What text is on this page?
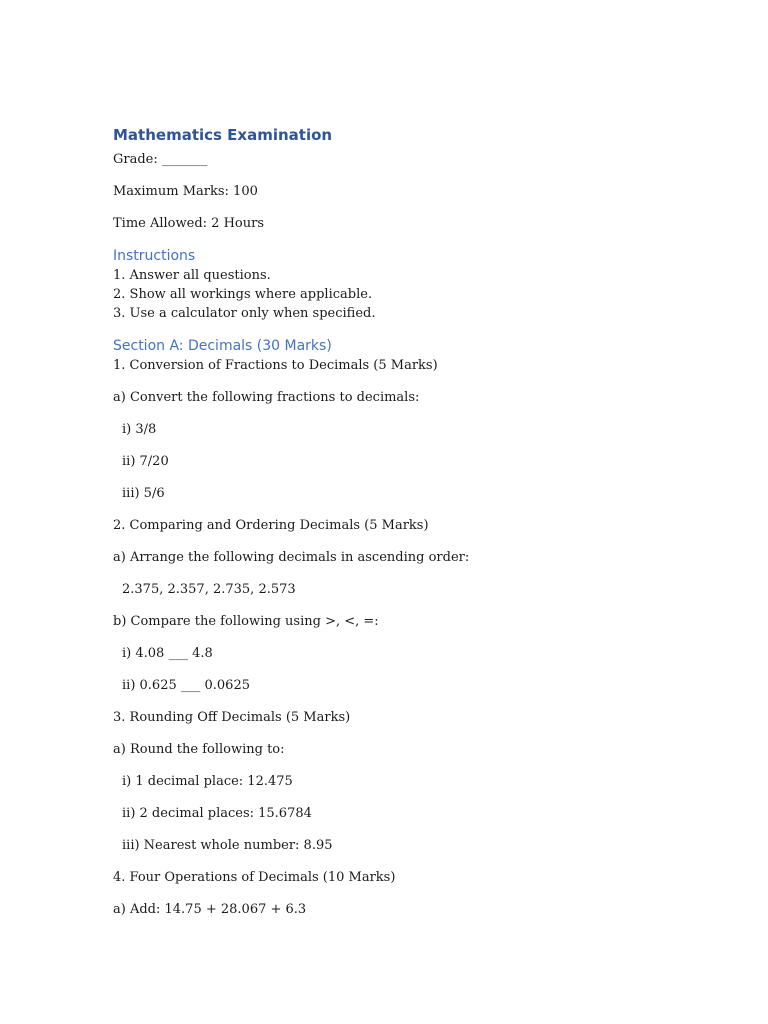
Mathematics Examination
Grade: _______
Maximum Marks: 100
Time Allowed: 2 Hours
Instructions
1. Answer all questions.
2. Show all workings where applicable.
3. Use a calculator only when specified.
Section A: Decimals (30 Marks)
1. Conversion of Fractions to Decimals (5 Marks)
a) Convert the following fractions to decimals:
i) 3/8
ii) 7/20
iii) 5/6
2. Comparing and Ordering Decimals (5 Marks)
a) Arrange the following decimals in ascending order:
2.375, 2.357, 2.735, 2.573
b) Compare the following using >, <, =:
i) 4.08 ___ 4.8
ii) 0.625 ___ 0.0625
3. Rounding Off Decimals (5 Marks)
a) Round the following to:
i) 1 decimal place: 12.475
ii) 2 decimal places: 15.6784
iii) Nearest whole number: 8.95
4. Four Operations of Decimals (10 Marks)
a) Add: 14.75 + 28.067 + 6.3
